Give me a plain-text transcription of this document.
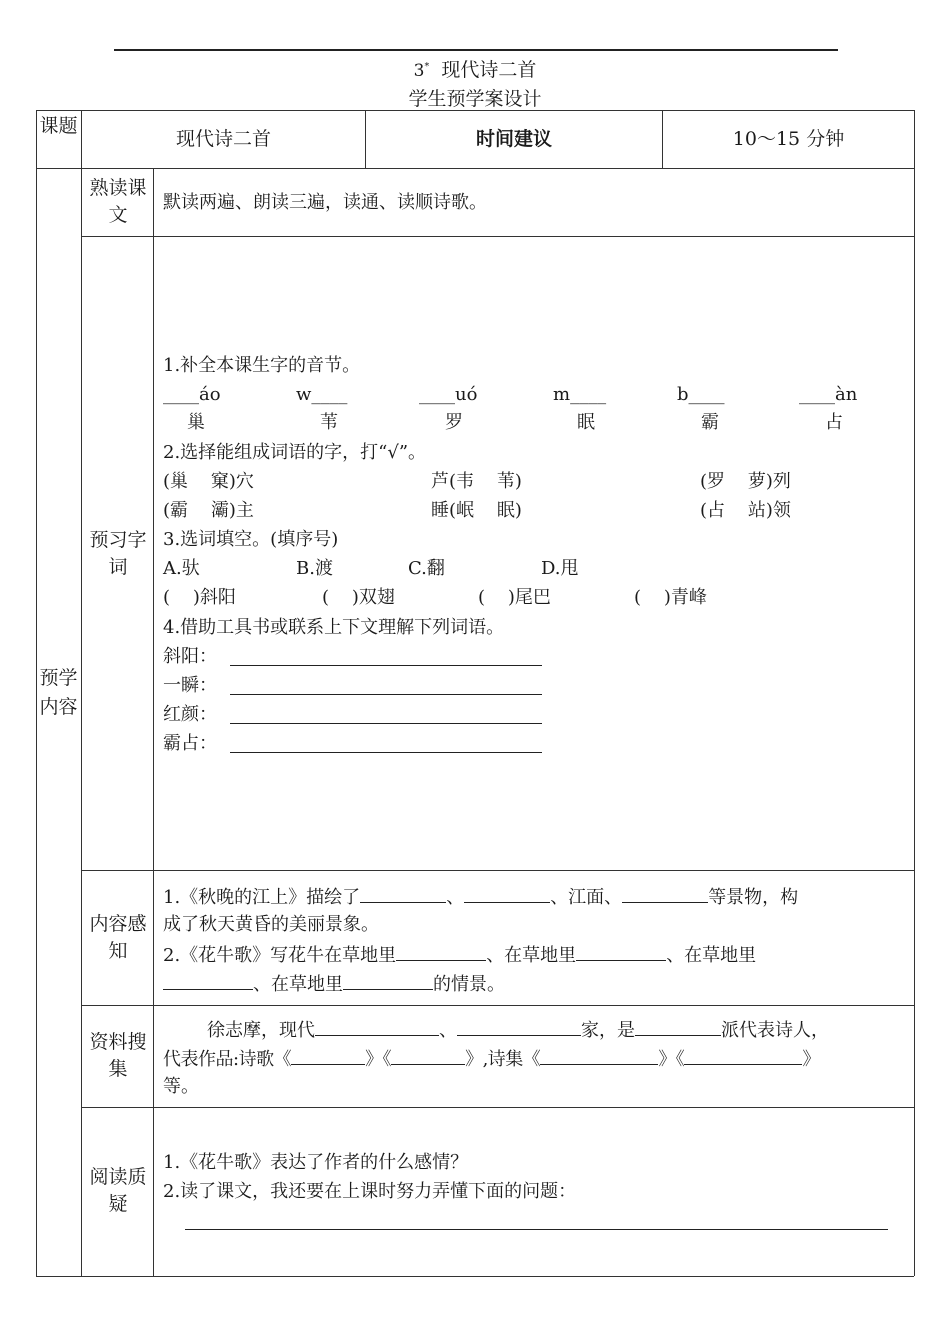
3* 现代诗二首
学生预学案设计
课题
现代诗二首	时间建议	10～15 分钟
预学内容
熟读课文
默读两遍、朗读三遍，读通、读顺诗歌。
预习字词
1.补全本课生字的音节。
____áo	w____	____uó	m____	b____	____àn
巢	苇	罗	眠	霸	占
2.选择能组成词语的字，打“√”。
(巢    窠)穴	芦(韦    苇)	(罗    萝)列
(霸    灞)主	睡(岷    眠)	(占    站)领
3.选词填空。(填序号)
A.驮	B.渡	C.翻	D.甩
(    )斜阳	(    )双翅	(    )尾巴	(    )青峰
4.借助工具书或联系上下文理解下列词语。
斜阳：
一瞬：
红颜：
霸占：
内容感知
1.《秋晚的江上》描绘了	、	、江面、	等景物，构
成了秋天黄昏的美丽景象。
2.《花牛歌》写花牛在草地里	、在草地里	、在草地里
、在草地里	的情景。
资料搜集
徐志摩，现代	、	家，是	派代表诗人，
代表作品:诗歌《	》《	》,诗集《	》《	》
等。
阅读质疑
1.《花牛歌》表达了作者的什么感情？
2.读了课文，我还要在上课时努力弄懂下面的问题：
